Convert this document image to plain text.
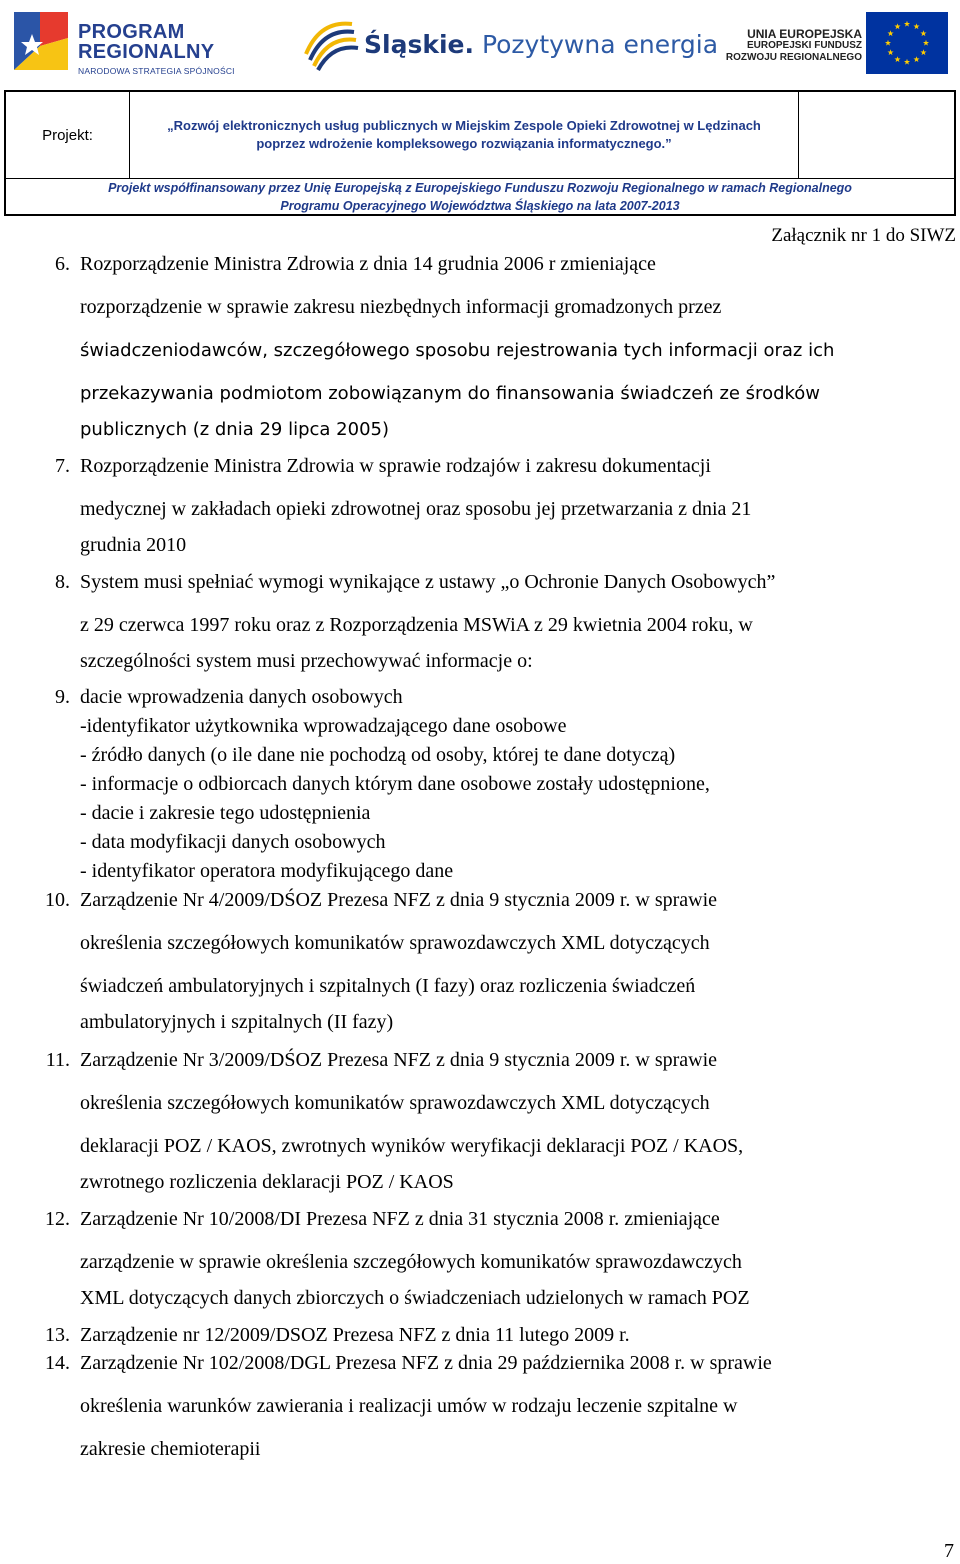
PROGRAM
REGIONALNY
NARODOWA STRATEGIA SPÓJNOŚCI
Śląskie. Pozytywna energia	UNIA EUROPEJSKA
EUROPEJSKI FUNDUSZ
ROZWOJU REGIONALNEGO
Projekt:
„Rozwój elektronicznych usług publicznych w Miejskim Zespole Opieki Zdrowotnej w Lędzinach
poprzez wdrożenie kompleksowego rozwiązania informatycznego.”
Projekt współfinansowany przez Unię Europejską z Europejskiego Funduszu Rozwoju Regionalnego w ramach Regionalnego
Programu Operacyjnego Województwa Śląskiego na lata 2007-2013
Załącznik nr 1 do SIWZ
6. Rozporządzenie Ministra Zdrowia z dnia 14 grudnia 2006 r zmieniające

rozporządzenie w sprawie zakresu niezbędnych informacji gromadzonych przez

świadczeniodawców, szczegółowego sposobu rejestrowania tych informacji oraz ich

przekazywania podmiotom zobowiązanym do finansowania świadczeń ze środków

publicznych (z dnia 29 lipca 2005)

7. Rozporządzenie Ministra Zdrowia w sprawie rodzajów i zakresu dokumentacji

medycznej w zakładach opieki zdrowotnej oraz sposobu jej przetwarzania z dnia 21

grudnia 2010

8. System musi spełniać wymogi wynikające z ustawy „o Ochronie Danych Osobowych”

z 29 czerwca 1997 roku oraz z Rozporządzenia MSWiA z 29 kwietnia 2004 roku, w

szczególności system musi przechowywać informacje o:

9. dacie wprowadzenia danych osobowych

-identyfikator użytkownika wprowadzającego dane osobowe

- źródło danych (o ile dane nie pochodzą od osoby, której te dane dotyczą)

- informacje o odbiorcach danych którym dane osobowe zostały udostępnione,

- dacie i zakresie tego udostępnienia

- data modyfikacji danych osobowych

- identyfikator operatora modyfikującego dane

10. Zarządzenie Nr 4/2009/DŚOZ Prezesa NFZ z dnia 9 stycznia 2009 r. w sprawie

określenia szczegółowych komunikatów sprawozdawczych XML dotyczących

świadczeń ambulatoryjnych i szpitalnych (I fazy) oraz rozliczenia świadczeń

ambulatoryjnych i szpitalnych (II fazy)

11. Zarządzenie Nr 3/2009/DŚOZ Prezesa NFZ z dnia 9 stycznia 2009 r. w sprawie

określenia szczegółowych komunikatów sprawozdawczych XML dotyczących

deklaracji POZ / KAOS, zwrotnych wyników weryfikacji deklaracji POZ / KAOS,

zwrotnego rozliczenia deklaracji POZ / KAOS

12. Zarządzenie Nr 10/2008/DI Prezesa NFZ z dnia 31 stycznia 2008 r. zmieniające

zarządzenie w sprawie określenia szczegółowych komunikatów sprawozdawczych

XML dotyczących danych zbiorczych o świadczeniach udzielonych w ramach POZ

13. Zarządzenie nr 12/2009/DSOZ Prezesa NFZ z dnia 11 lutego 2009 r.

14. Zarządzenie Nr 102/2008/DGL Prezesa NFZ z dnia 29 października 2008 r. w sprawie

określenia warunków zawierania i realizacji umów w rodzaju leczenie szpitalne w

zakresie chemioterapii

7
